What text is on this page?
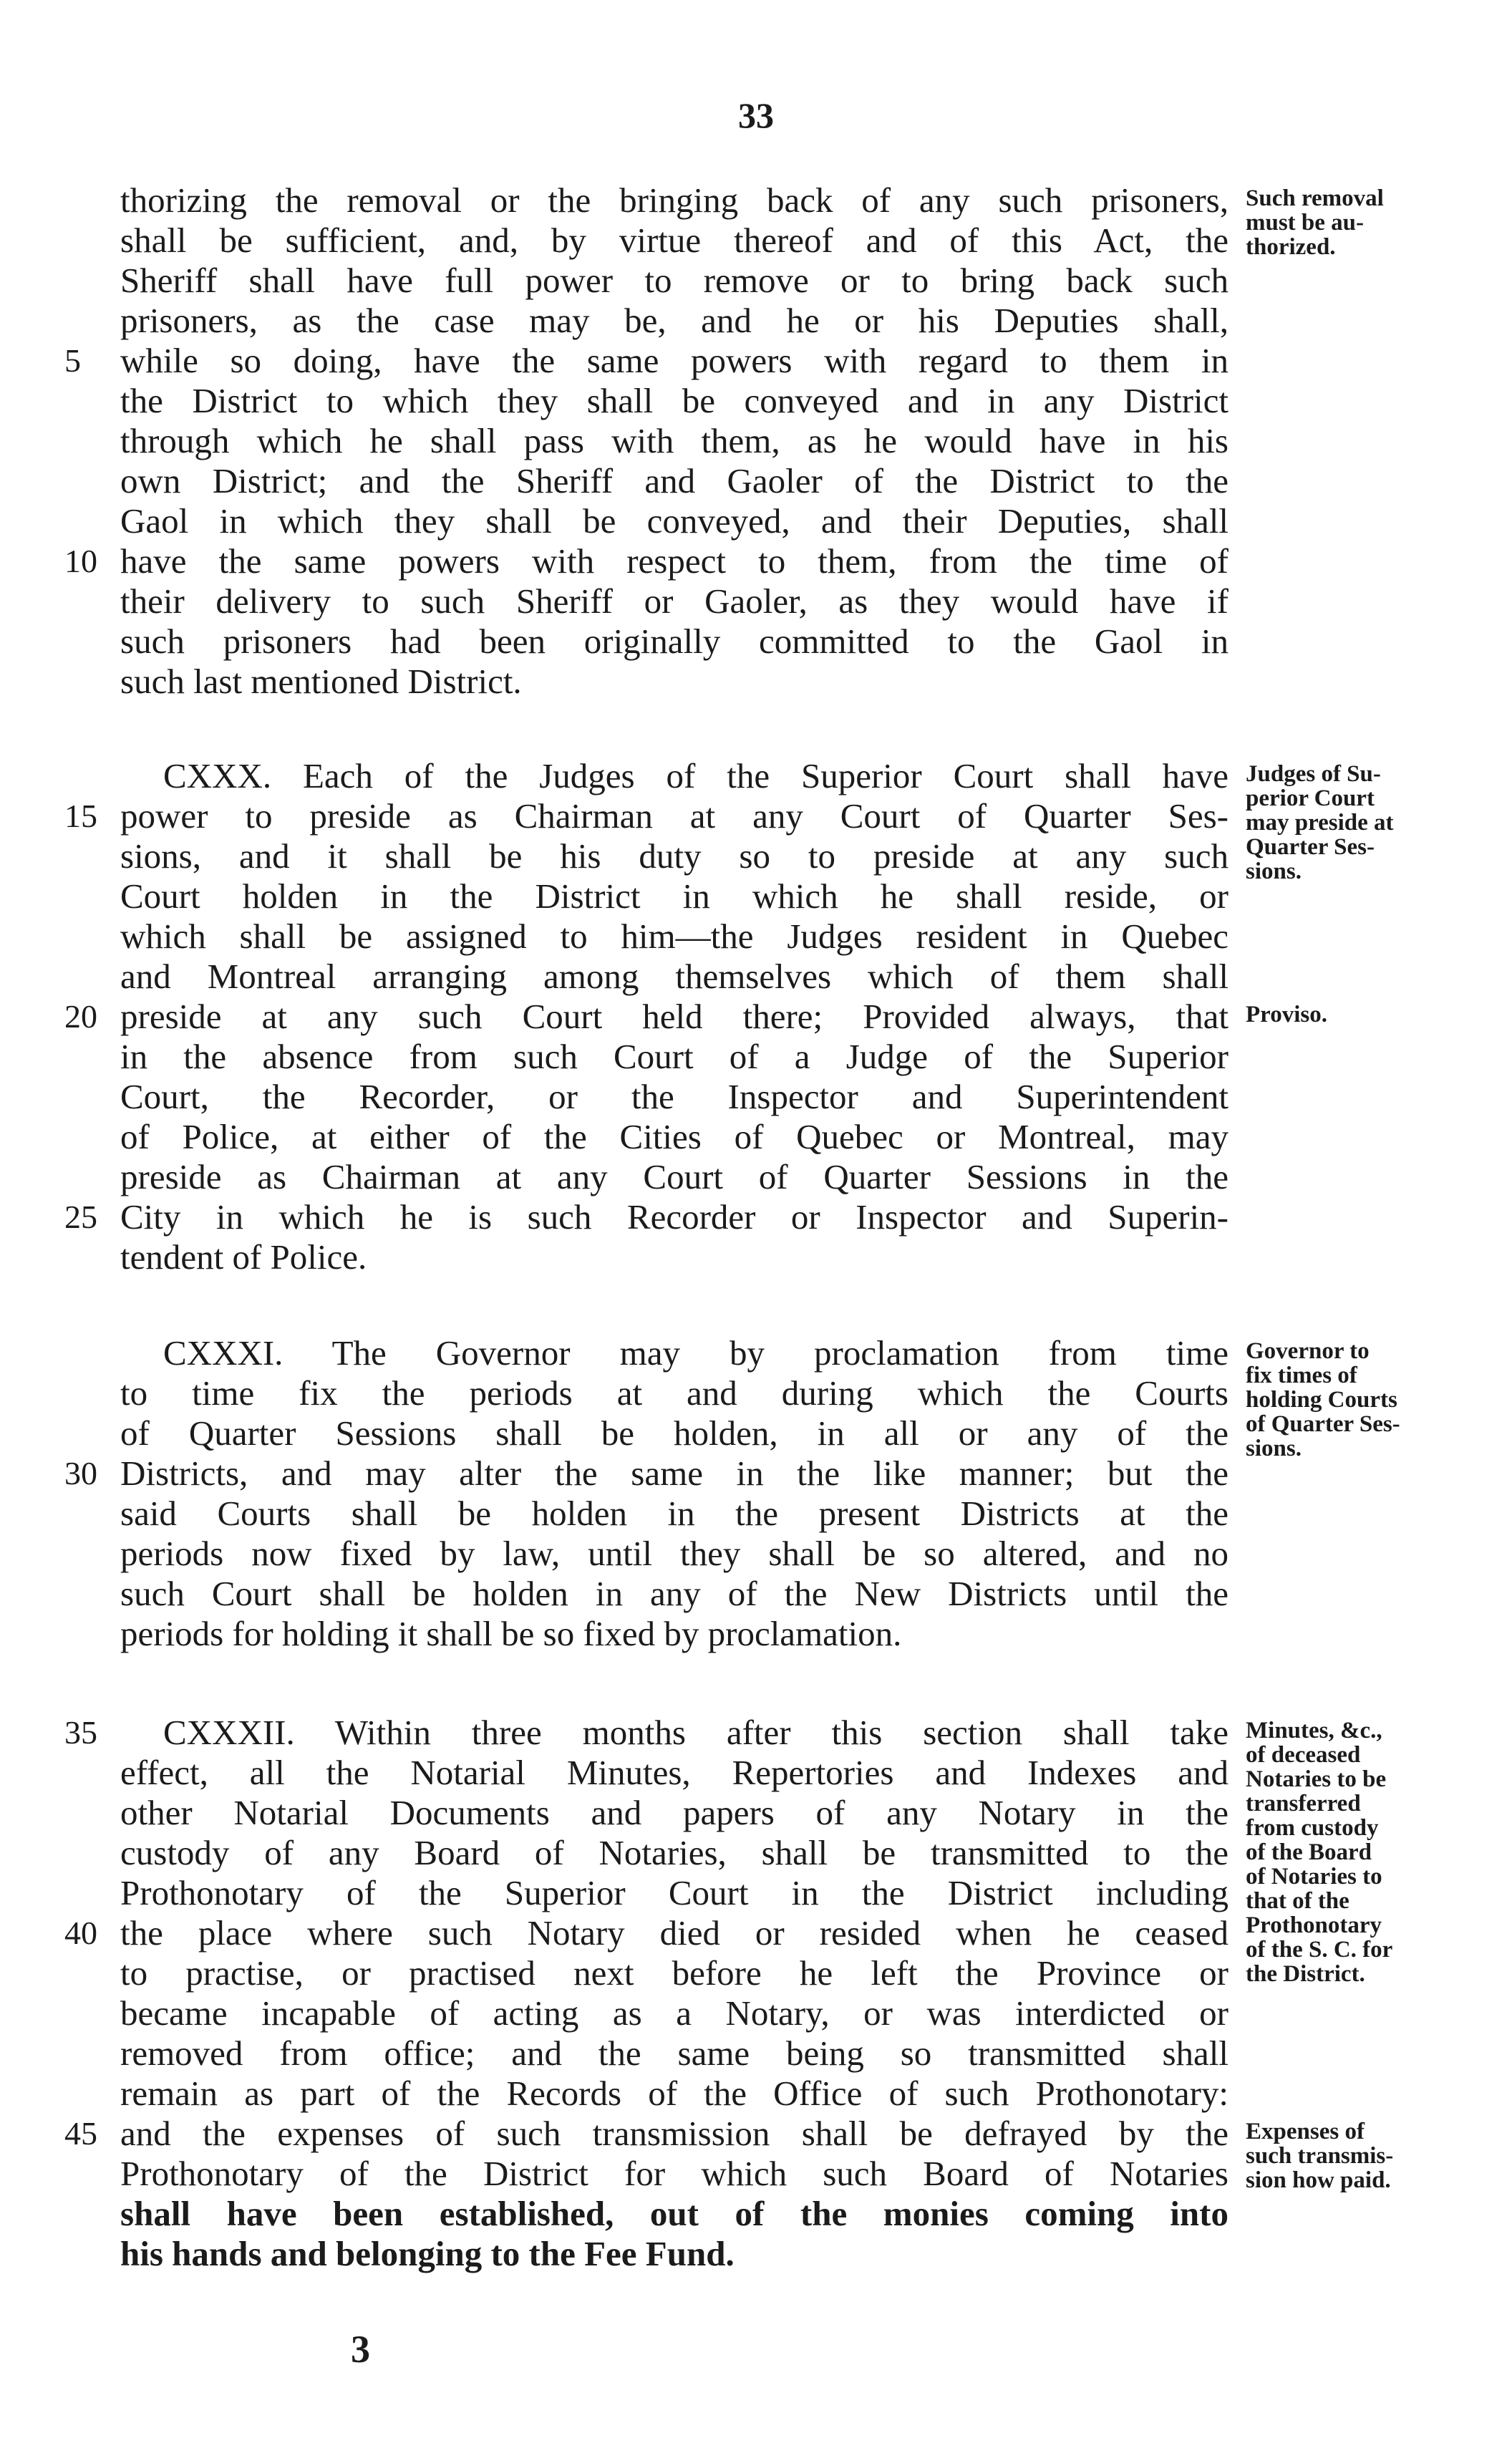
33
thorizing the removal or the bringing back of any such prisoners,
shall be sufficient, and, by virtue thereof and of this Act, the
Sheriff shall have full power to remove or to bring back such
prisoners, as the case may be, and he or his Deputies shall,
while so doing, have the same powers with regard to them in
the District to which they shall be conveyed and in any District
through which he shall pass with them, as he would have in his
own District; and the Sheriff and Gaoler of the District to the
Gaol in which they shall be conveyed, and their Deputies, shall
have the same powers with respect to them, from the time of
their delivery to such Sheriff or Gaoler, as they would have if
such prisoners had been originally committed to the Gaol in
such last mentioned District.
5
10
Such removal
must be au-
thorized.
CXXX. Each of the Judges of the Superior Court shall have
power to preside as Chairman at any Court of Quarter Ses-
sions, and it shall be his duty so to preside at any such
Court holden in the District in which he shall reside, or
which shall be assigned to him—the Judges resident in Quebec
and Montreal arranging among themselves which of them shall
preside at any such Court held there; Provided always, that
in the absence from such Court of a Judge of the Superior
Court, the Recorder, or the Inspector and Superintendent
of Police, at either of the Cities of Quebec or Montreal, may
preside as Chairman at any Court of Quarter Sessions in the
City in which he is such Recorder or Inspector and Superin-
tendent of Police.
15
20
25
Judges of Su-
perior Court
may preside at
Quarter Ses-
sions.
Proviso.
CXXXI. The Governor may by proclamation from time
to time fix the periods at and during which the Courts
of Quarter Sessions shall be holden, in all or any of the
Districts, and may alter the same in the like manner; but the
said Courts shall be holden in the present Districts at the
periods now fixed by law, until they shall be so altered, and no
such Court shall be holden in any of the New Districts until the
periods for holding it shall be so fixed by proclamation.
30
Governor to
fix times of
holding Courts
of Quarter Ses-
sions.
CXXXII. Within three months after this section shall take
effect, all the Notarial Minutes, Repertories and Indexes and
other Notarial Documents and papers of any Notary in the
custody of any Board of Notaries, shall be transmitted to the
Prothonotary of the Superior Court in the District including
the place where such Notary died or resided when he ceased
to practise, or practised next before he left the Province or
became incapable of acting as a Notary, or was interdicted or
removed from office; and the same being so transmitted shall
remain as part of the Records of the Office of such Prothonotary:
and the expenses of such transmission shall be defrayed by the
Prothonotary of the District for which such Board of Notaries
shall have been established, out of the monies coming into
his hands and belonging to the Fee Fund.
35
40
45
Minutes, &c.,
of deceased
Notaries to be
transferred
from custody
of the Board
of Notaries to
that of the
Prothonotary
of the S. C. for
the District.
Expenses of
such transmis-
sion how paid.
3
